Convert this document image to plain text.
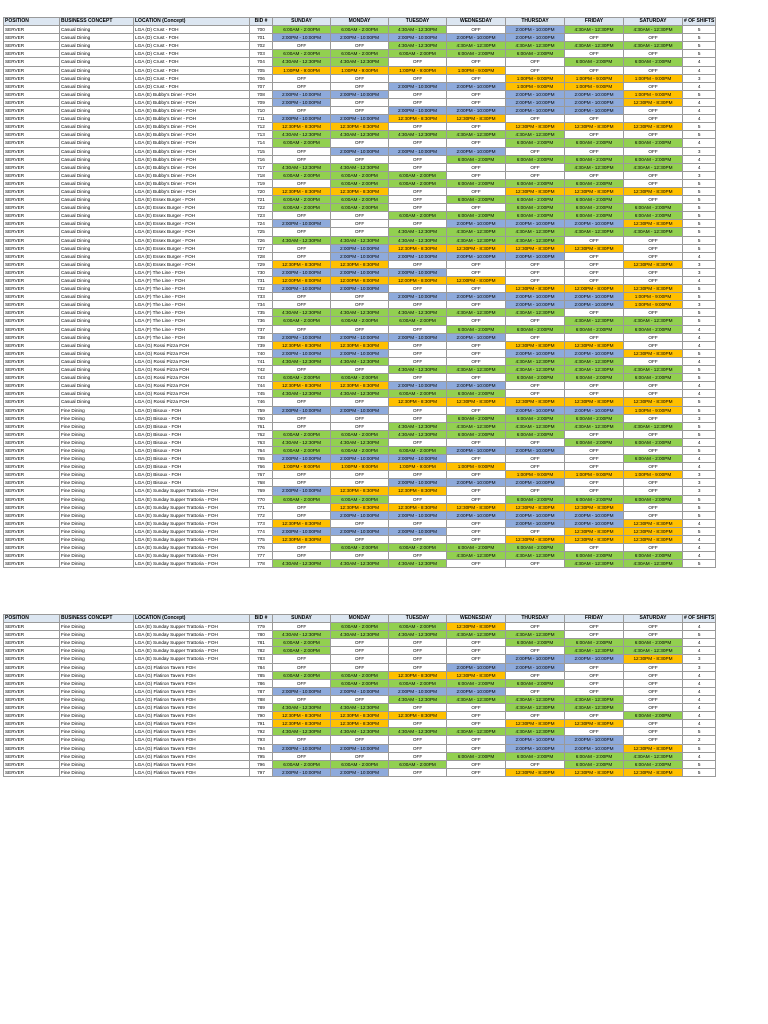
POSITION	BUSINESS CONCEPT	LOCATION (Concept)	BID #	SUNDAY	MONDAY	TUESDAY	WEDNESDAY	THURSDAY	FRIDAY	SATURDAY	# OF SHIFTS
SERVER	Casual Dining	LGA (D) Crust - FOH	700	6:00AM - 2:00PM	6:00AM - 2:00PM	4:30AM - 12:30PM	OFF	2:00PM - 10:00PM	4:30AM - 12:30PM	4:30AM - 12:30PM	5
SERVER	Casual Dining	LGA (D) Crust - FOH	701	2:00PM - 10:00PM	2:00PM - 10:00PM	2:00PM - 10:00PM	2:00PM - 10:00PM	2:00PM - 10:00PM	OFF	OFF	5
SERVER	Casual Dining	LGA (D) Crust - FOH	702	OFF	OFF	4:30AM - 12:30PM	4:30AM - 12:30PM	4:30AM - 12:30PM	4:30AM - 12:30PM	4:30AM - 12:30PM	5
SERVER	Casual Dining	LGA (D) Crust - FOH	703	6:00AM - 2:00PM	6:00AM - 2:00PM	6:00AM - 2:00PM	6:00AM - 2:00PM	6:00AM - 2:00PM	OFF	OFF	5
SERVER	Casual Dining	LGA (D) Crust - FOH	704	4:30AM - 12:30PM	4:30AM - 12:30PM	OFF	OFF	OFF	6:00AM - 2:00PM	6:00AM - 2:00PM	4
SERVER	Casual Dining	LGA (D) Crust - FOH	705	1:00PM - 9:00PM	1:00PM - 9:00PM	1:00PM - 9:00PM	1:00PM - 9:00PM	OFF	OFF	OFF	4
SERVER	Casual Dining	LGA (D) Crust - FOH	706	OFF	OFF	OFF	OFF	1:00PM - 9:00PM	1:00PM - 9:00PM	1:00PM - 9:00PM	3
SERVER	Casual Dining	LGA (D) Crust - FOH	707	OFF	OFF	2:00PM - 10:00PM	2:00PM - 10:00PM	1:00PM - 9:00PM	1:00PM - 9:00PM	OFF	4
SERVER	Casual Dining	LGA (E) Bubby's Diner - FOH	708	2:00PM - 10:00PM	2:00PM - 10:00PM	OFF	OFF	2:00PM - 10:00PM	2:00PM - 10:00PM	1:00PM - 9:00PM	5
SERVER	Casual Dining	LGA (E) Bubby's Diner - FOH	709	2:00PM - 10:00PM	OFF	OFF	OFF	2:00PM - 10:00PM	2:00PM - 10:00PM	12:30PM - 8:30PM	4
SERVER	Casual Dining	LGA (E) Bubby's Diner - FOH	710	OFF	OFF	2:00PM - 10:00PM	2:00PM - 10:00PM	2:00PM - 10:00PM	2:00PM - 10:00PM	OFF	4
SERVER	Casual Dining	LGA (E) Bubby's Diner - FOH	711	2:00PM - 10:00PM	2:00PM - 10:00PM	12:30PM - 8:30PM	12:30PM - 8:30PM	OFF	OFF	OFF	4
SERVER	Casual Dining	LGA (E) Bubby's Diner - FOH	712	12:30PM - 8:30PM	12:30PM - 8:30PM	OFF	OFF	12:30PM - 8:30PM	12:30PM - 8:30PM	12:30PM - 8:30PM	5
SERVER	Casual Dining	LGA (E) Bubby's Diner - FOH	713	4:30AM - 12:30PM	4:30AM - 12:30PM	4:30AM - 12:30PM	4:30AM - 12:30PM	4:30AM - 12:30PM	OFF	OFF	5
SERVER	Casual Dining	LGA (E) Bubby's Diner - FOH	714	6:00AM - 2:00PM	OFF	OFF	OFF	6:00AM - 2:00PM	6:00AM - 2:00PM	6:00AM - 2:00PM	4
SERVER	Casual Dining	LGA (E) Bubby's Diner - FOH	715	OFF	2:00PM - 10:00PM	2:00PM - 10:00PM	2:00PM - 10:00PM	OFF	OFF	OFF	3
SERVER	Casual Dining	LGA (E) Bubby's Diner - FOH	716	OFF	OFF	OFF	6:00AM - 2:00PM	6:00AM - 2:00PM	6:00AM - 2:00PM	6:00AM - 2:00PM	4
SERVER	Casual Dining	LGA (E) Bubby's Diner - FOH	717	4:30AM - 12:30PM	4:30AM - 12:30PM	OFF	OFF	OFF	4:30AM - 12:30PM	4:30AM - 12:30PM	4
SERVER	Casual Dining	LGA (E) Bubby's Diner - FOH	718	6:00AM - 2:00PM	6:00AM - 2:00PM	6:00AM - 2:00PM	OFF	OFF	OFF	OFF	3
SERVER	Casual Dining	LGA (E) Bubby's Diner - FOH	719	OFF	6:00AM - 2:00PM	6:00AM - 2:00PM	6:00AM - 2:00PM	6:00AM - 2:00PM	6:00AM - 2:00PM	OFF	5
SERVER	Casual Dining	LGA (E) Bubby's Diner - FOH	720	12:30PM - 8:30PM	12:30PM - 8:30PM	OFF	OFF	12:30PM - 8:30PM	12:30PM - 8:30PM	12:30PM - 8:30PM	5
SERVER	Casual Dining	LGA (E) Essex Burger - FOH	721	6:00AM - 2:00PM	6:00AM - 2:00PM	OFF	6:00AM - 2:00PM	6:00AM - 2:00PM	6:00AM - 2:00PM	OFF	5
SERVER	Casual Dining	LGA (E) Essex Burger - FOH	722	6:00AM - 2:00PM	6:00AM - 2:00PM	OFF	OFF	6:00AM - 2:00PM	6:00AM - 2:00PM	6:00AM - 2:00PM	5
SERVER	Casual Dining	LGA (E) Essex Burger - FOH	723	OFF	OFF	6:00AM - 2:00PM	6:00AM - 2:00PM	6:00AM - 2:00PM	6:00AM - 2:00PM	6:00AM - 2:00PM	5
SERVER	Casual Dining	LGA (E) Essex Burger - FOH	724	2:00PM - 10:00PM	OFF	OFF	2:00PM - 10:00PM	2:00PM - 10:00PM	2:00PM - 10:00PM	12:30PM - 8:30PM	5
SERVER	Casual Dining	LGA (E) Essex Burger - FOH	725	OFF	OFF	4:30AM - 12:30PM	4:30AM - 12:30PM	4:30AM - 12:30PM	4:30AM - 12:30PM	4:30AM - 12:30PM	5
SERVER	Casual Dining	LGA (E) Essex Burger - FOH	726	4:30AM - 12:30PM	4:30AM - 12:30PM	4:30AM - 12:30PM	4:30AM - 12:30PM	4:30AM - 12:30PM	OFF	OFF	5
SERVER	Casual Dining	LGA (E) Essex Burger - FOH	727	OFF	2:00PM - 10:00PM	12:30PM - 8:30PM	12:30PM - 8:30PM	12:30PM - 8:30PM	12:30PM - 8:30PM	OFF	5
SERVER	Casual Dining	LGA (E) Essex Burger - FOH	728	OFF	2:00PM - 10:00PM	2:00PM - 10:00PM	2:00PM - 10:00PM	2:00PM - 10:00PM	OFF	OFF	4
SERVER	Casual Dining	LGA (E) Essex Burger - FOH	729	12:30PM - 8:30PM	12:30PM - 8:30PM	OFF	OFF	OFF	OFF	12:30PM - 8:30PM	3
SERVER	Casual Dining	LGA (F) The Line - FOH	730	2:00PM - 10:00PM	2:00PM - 10:00PM	2:00PM - 10:00PM	OFF	OFF	OFF	OFF	3
SERVER	Casual Dining	LGA (F) The Line - FOH	731	12:00PM - 8:00PM	12:00PM - 8:00PM	12:00PM - 8:00PM	12:00PM - 8:00PM	OFF	OFF	OFF	4
SERVER	Casual Dining	LGA (F) The Line - FOH	732	2:00PM - 10:00PM	2:00PM - 10:00PM	OFF	OFF	12:30PM - 8:30PM	12:00PM - 8:00PM	12:30PM - 8:30PM	5
SERVER	Casual Dining	LGA (F) The Line - FOH	733	OFF	OFF	2:00PM - 10:00PM	2:00PM - 10:00PM	2:00PM - 10:00PM	2:00PM - 10:00PM	1:00PM - 9:00PM	5
SERVER	Casual Dining	LGA (F) The Line - FOH	734	OFF	OFF	OFF	OFF	2:00PM - 10:00PM	2:00PM - 10:00PM	1:00PM - 9:00PM	3
SERVER	Casual Dining	LGA (F) The Line - FOH	735	4:30AM - 12:30PM	4:30AM - 12:30PM	4:30AM - 12:30PM	4:30AM - 12:30PM	4:30AM - 12:30PM	OFF	OFF	5
SERVER	Casual Dining	LGA (F) The Line - FOH	736	6:00AM - 2:00PM	6:00AM - 2:00PM	6:00AM - 2:00PM	OFF	OFF	4:30AM - 12:30PM	4:30AM - 12:30PM	5
SERVER	Casual Dining	LGA (F) The Line - FOH	737	OFF	OFF	OFF	6:00AM - 2:00PM	6:00AM - 2:00PM	6:00AM - 2:00PM	6:00AM - 2:00PM	4
SERVER	Casual Dining	LGA (F) The Line - FOH	738	2:00PM - 10:00PM	2:00PM - 10:00PM	2:00PM - 10:00PM	2:00PM - 10:00PM	OFF	OFF	OFF	4
SERVER	Casual Dining	LGA (G) Rossi Pizza FOH	739	12:30PM - 8:30PM	12:30PM - 8:30PM	OFF	OFF	12:30PM - 8:30PM	12:30PM - 8:30PM	OFF	4
SERVER	Casual Dining	LGA (G) Rossi Pizza FOH	740	2:00PM - 10:00PM	2:00PM - 10:00PM	OFF	OFF	2:00PM - 10:00PM	2:00PM - 10:00PM	12:30PM - 8:30PM	5
SERVER	Casual Dining	LGA (G) Rossi Pizza FOH	741	4:30AM - 12:30PM	4:30AM - 12:30PM	OFF	OFF	4:30AM - 12:30PM	4:30AM - 12:30PM	OFF	4
SERVER	Casual Dining	LGA (G) Rossi Pizza FOH	742	OFF	OFF	4:30AM - 12:30PM	4:30AM - 12:30PM	4:30AM - 12:30PM	4:30AM - 12:30PM	4:30AM - 12:30PM	5
SERVER	Casual Dining	LGA (G) Rossi Pizza FOH	743	6:00AM - 2:00PM	6:00AM - 2:00PM	OFF	OFF	6:00AM - 2:00PM	6:00AM - 2:00PM	6:00AM - 2:00PM	5
SERVER	Casual Dining	LGA (G) Rossi Pizza FOH	744	12:30PM - 8:30PM	12:30PM - 8:30PM	2:00PM - 10:00PM	2:00PM - 10:00PM	OFF	OFF	OFF	4
SERVER	Casual Dining	LGA (G) Rossi Pizza FOH	745	4:30AM - 12:30PM	4:30AM - 12:30PM	6:00AM - 2:00PM	6:00AM - 2:00PM	OFF	OFF	OFF	4
SERVER	Casual Dining	LGA (G) Rossi Pizza FOH	746	OFF	OFF	12:30PM - 8:30PM	12:30PM - 8:30PM	12:30PM - 8:30PM	12:30PM - 8:30PM	12:30PM - 8:30PM	5
SERVER	Fine Dining	LGA (D) Bisoux - FOH	759	2:00PM - 10:00PM	2:00PM - 10:00PM	OFF	OFF	2:00PM - 10:00PM	2:00PM - 10:00PM	1:00PM - 9:00PM	5
SERVER	Fine Dining	LGA (D) Bisoux - FOH	760	OFF	OFF	OFF	6:00AM - 2:00PM	6:00AM - 2:00PM	6:00AM - 2:00PM	OFF	3
SERVER	Fine Dining	LGA (D) Bisoux - FOH	761	OFF	OFF	4:30AM - 12:30PM	4:30AM - 12:30PM	4:30AM - 12:30PM	4:30AM - 12:30PM	4:30AM - 12:30PM	5
SERVER	Fine Dining	LGA (D) Bisoux - FOH	762	6:00AM - 2:00PM	6:00AM - 2:00PM	4:30AM - 12:30PM	6:00AM - 2:00PM	6:00AM - 2:00PM	OFF	OFF	5
SERVER	Fine Dining	LGA (D) Bisoux - FOH	763	4:30AM - 12:30PM	4:30AM - 12:30PM	OFF	OFF	OFF	6:00AM - 2:00PM	6:00AM - 2:00PM	4
SERVER	Fine Dining	LGA (D) Bisoux - FOH	764	6:00AM - 2:00PM	6:00AM - 2:00PM	6:00AM - 2:00PM	2:00PM - 10:00PM	2:00PM - 10:00PM	OFF	OFF	5
SERVER	Fine Dining	LGA (D) Bisoux - FOH	765	2:00PM - 10:00PM	2:00PM - 10:00PM	2:00PM - 10:00PM	OFF	OFF	OFF	6:00AM - 2:00PM	4
SERVER	Fine Dining	LGA (D) Bisoux - FOH	766	1:00PM - 9:00PM	1:00PM - 9:00PM	1:00PM - 9:00PM	1:00PM - 9:00PM	OFF	OFF	OFF	4
SERVER	Fine Dining	LGA (D) Bisoux - FOH	767	OFF	OFF	OFF	OFF	1:00PM - 9:00PM	1:00PM - 9:00PM	1:00PM - 9:00PM	3
SERVER	Fine Dining	LGA (D) Bisoux - FOH	768	OFF	OFF	2:00PM - 10:00PM	2:00PM - 10:00PM	2:00PM - 10:00PM	OFF	OFF	3
SERVER	Fine Dining	LGA (E) Sunday Supper Trattoria - FOH	769	2:00PM - 10:00PM	12:30PM - 8:30PM	12:30PM - 8:30PM	OFF	OFF	OFF	OFF	3
SERVER	Fine Dining	LGA (E) Sunday Supper Trattoria - FOH	770	6:00AM - 2:00PM	6:00AM - 2:00PM	OFF	OFF	6:00AM - 2:00PM	6:00AM - 2:00PM	6:00AM - 2:00PM	5
SERVER	Fine Dining	LGA (E) Sunday Supper Trattoria - FOH	771	OFF	12:30PM - 8:30PM	12:30PM - 8:30PM	12:30PM - 8:30PM	12:30PM - 8:30PM	12:30PM - 8:30PM	OFF	5
SERVER	Fine Dining	LGA (E) Sunday Supper Trattoria - FOH	772	OFF	2:00PM - 10:00PM	2:00PM - 10:00PM	2:00PM - 10:00PM	2:00PM - 10:00PM	2:00PM - 10:00PM	OFF	5
SERVER	Fine Dining	LGA (E) Sunday Supper Trattoria - FOH	773	12:30PM - 8:30PM	OFF	OFF	OFF	2:00PM - 10:00PM	2:00PM - 10:00PM	12:30PM - 8:30PM	4
SERVER	Fine Dining	LGA (E) Sunday Supper Trattoria - FOH	774	2:00PM - 10:00PM	2:00PM - 10:00PM	2:00PM - 10:00PM	OFF	OFF	12:30PM - 8:30PM	12:30PM - 8:30PM	5
SERVER	Fine Dining	LGA (E) Sunday Supper Trattoria - FOH	775	12:30PM - 8:30PM	OFF	OFF	OFF	12:30PM - 8:30PM	12:30PM - 8:30PM	12:30PM - 8:30PM	4
SERVER	Fine Dining	LGA (E) Sunday Supper Trattoria - FOH	776	OFF	6:00AM - 2:00PM	6:00AM - 2:00PM	6:00AM - 2:00PM	6:00AM - 2:00PM	OFF	OFF	4
SERVER	Fine Dining	LGA (E) Sunday Supper Trattoria - FOH	777	OFF	OFF	OFF	4:30AM - 12:30PM	4:30AM - 12:30PM	6:00AM - 2:00PM	6:00AM - 2:00PM	4
SERVER	Fine Dining	LGA (E) Sunday Supper Trattoria - FOH	778	4:30AM - 12:30PM	4:30AM - 12:30PM	4:30AM - 12:30PM	OFF	OFF	4:30AM - 12:30PM	4:30AM - 12:30PM	5
POSITION	BUSINESS CONCEPT	LOCATION (Concept)	BID #	SUNDAY	MONDAY	TUESDAY	WEDNESDAY	THURSDAY	FRIDAY	SATURDAY	# OF SHIFTS
SERVER	Fine Dining	LGA (E) Sunday Supper Trattoria - FOH	779	OFF	6:00AM - 2:00PM	6:00AM - 2:00PM	12:30PM - 8:30PM	OFF	OFF	OFF	4
SERVER	Fine Dining	LGA (E) Sunday Supper Trattoria - FOH	780	4:30AM - 12:30PM	4:30AM - 12:30PM	4:30AM - 12:30PM	4:30AM - 12:30PM	4:30AM - 12:30PM	OFF	OFF	5
SERVER	Fine Dining	LGA (E) Sunday Supper Trattoria - FOH	781	6:00AM - 2:00PM	OFF	OFF	OFF	6:00AM - 2:00PM	6:00AM - 2:00PM	6:00AM - 2:00PM	4
SERVER	Fine Dining	LGA (E) Sunday Supper Trattoria - FOH	782	6:00AM - 2:00PM	OFF	OFF	OFF	OFF	4:30AM - 12:30PM	4:30AM - 12:30PM	4
SERVER	Fine Dining	LGA (E) Sunday Supper Trattoria - FOH	783	OFF	OFF	OFF	OFF	2:00PM - 10:00PM	2:00PM - 10:00PM	12:30PM - 8:30PM	3
SERVER	Fine Dining	LGA (G) Flatiron Tavern FOH	784	OFF	OFF	OFF	2:00PM - 10:00PM	2:00PM - 10:00PM	OFF	OFF	3
SERVER	Fine Dining	LGA (G) Flatiron Tavern FOH	785	6:00AM - 2:00PM	6:00AM - 2:00PM	12:30PM - 8:30PM	12:30PM - 8:30PM	OFF	OFF	OFF	4
SERVER	Fine Dining	LGA (G) Flatiron Tavern FOH	786	OFF	6:00AM - 2:00PM	6:00AM - 2:00PM	6:00AM - 2:00PM	6:00AM - 2:00PM	OFF	OFF	4
SERVER	Fine Dining	LGA (G) Flatiron Tavern FOH	787	2:00PM - 10:00PM	2:00PM - 10:00PM	2:00PM - 10:00PM	2:00PM - 10:00PM	OFF	OFF	OFF	4
SERVER	Fine Dining	LGA (G) Flatiron Tavern FOH	788	OFF	OFF	4:30AM - 12:30PM	4:30AM - 12:30PM	4:30AM - 12:30PM	4:30AM - 12:30PM	OFF	4
SERVER	Fine Dining	LGA (G) Flatiron Tavern FOH	789	4:30AM - 12:30PM	4:30AM - 12:30PM	OFF	OFF	4:30AM - 12:30PM	4:30AM - 12:30PM	OFF	4
SERVER	Fine Dining	LGA (G) Flatiron Tavern FOH	790	12:30PM - 8:30PM	12:30PM - 8:30PM	12:30PM - 8:30PM	OFF	OFF	OFF	6:00AM - 2:00PM	4
SERVER	Fine Dining	LGA (G) Flatiron Tavern FOH	791	12:30PM - 8:30PM	12:30PM - 8:30PM	OFF	OFF	12:30PM - 8:30PM	12:30PM - 8:30PM	OFF	4
SERVER	Fine Dining	LGA (G) Flatiron Tavern FOH	792	4:30AM - 12:30PM	4:30AM - 12:30PM	4:30AM - 12:30PM	4:30AM - 12:30PM	4:30AM - 12:30PM	OFF	OFF	5
SERVER	Fine Dining	LGA (G) Flatiron Tavern FOH	793	OFF	OFF	OFF	OFF	2:00PM - 10:00PM	2:00PM - 10:00PM	OFF	2
SERVER	Fine Dining	LGA (G) Flatiron Tavern FOH	794	2:00PM - 10:00PM	2:00PM - 10:00PM	OFF	OFF	2:00PM - 10:00PM	2:00PM - 10:00PM	12:30PM - 8:30PM	5
SERVER	Fine Dining	LGA (G) Flatiron Tavern FOH	795	OFF	OFF	OFF	6:00AM - 2:00PM	6:00AM - 2:00PM	6:00AM - 2:00PM	4:30AM - 12:30PM	4
SERVER	Fine Dining	LGA (G) Flatiron Tavern FOH	796	6:00AM - 2:00PM	6:00AM - 2:00PM	6:00AM - 2:00PM	OFF	OFF	6:00AM - 2:00PM	6:00AM - 2:00PM	5
SERVER	Fine Dining	LGA (G) Flatiron Tavern FOH	797	2:00PM - 10:00PM	2:00PM - 10:00PM	OFF	OFF	12:30PM - 8:30PM	12:30PM - 8:30PM	12:30PM - 8:30PM	5
